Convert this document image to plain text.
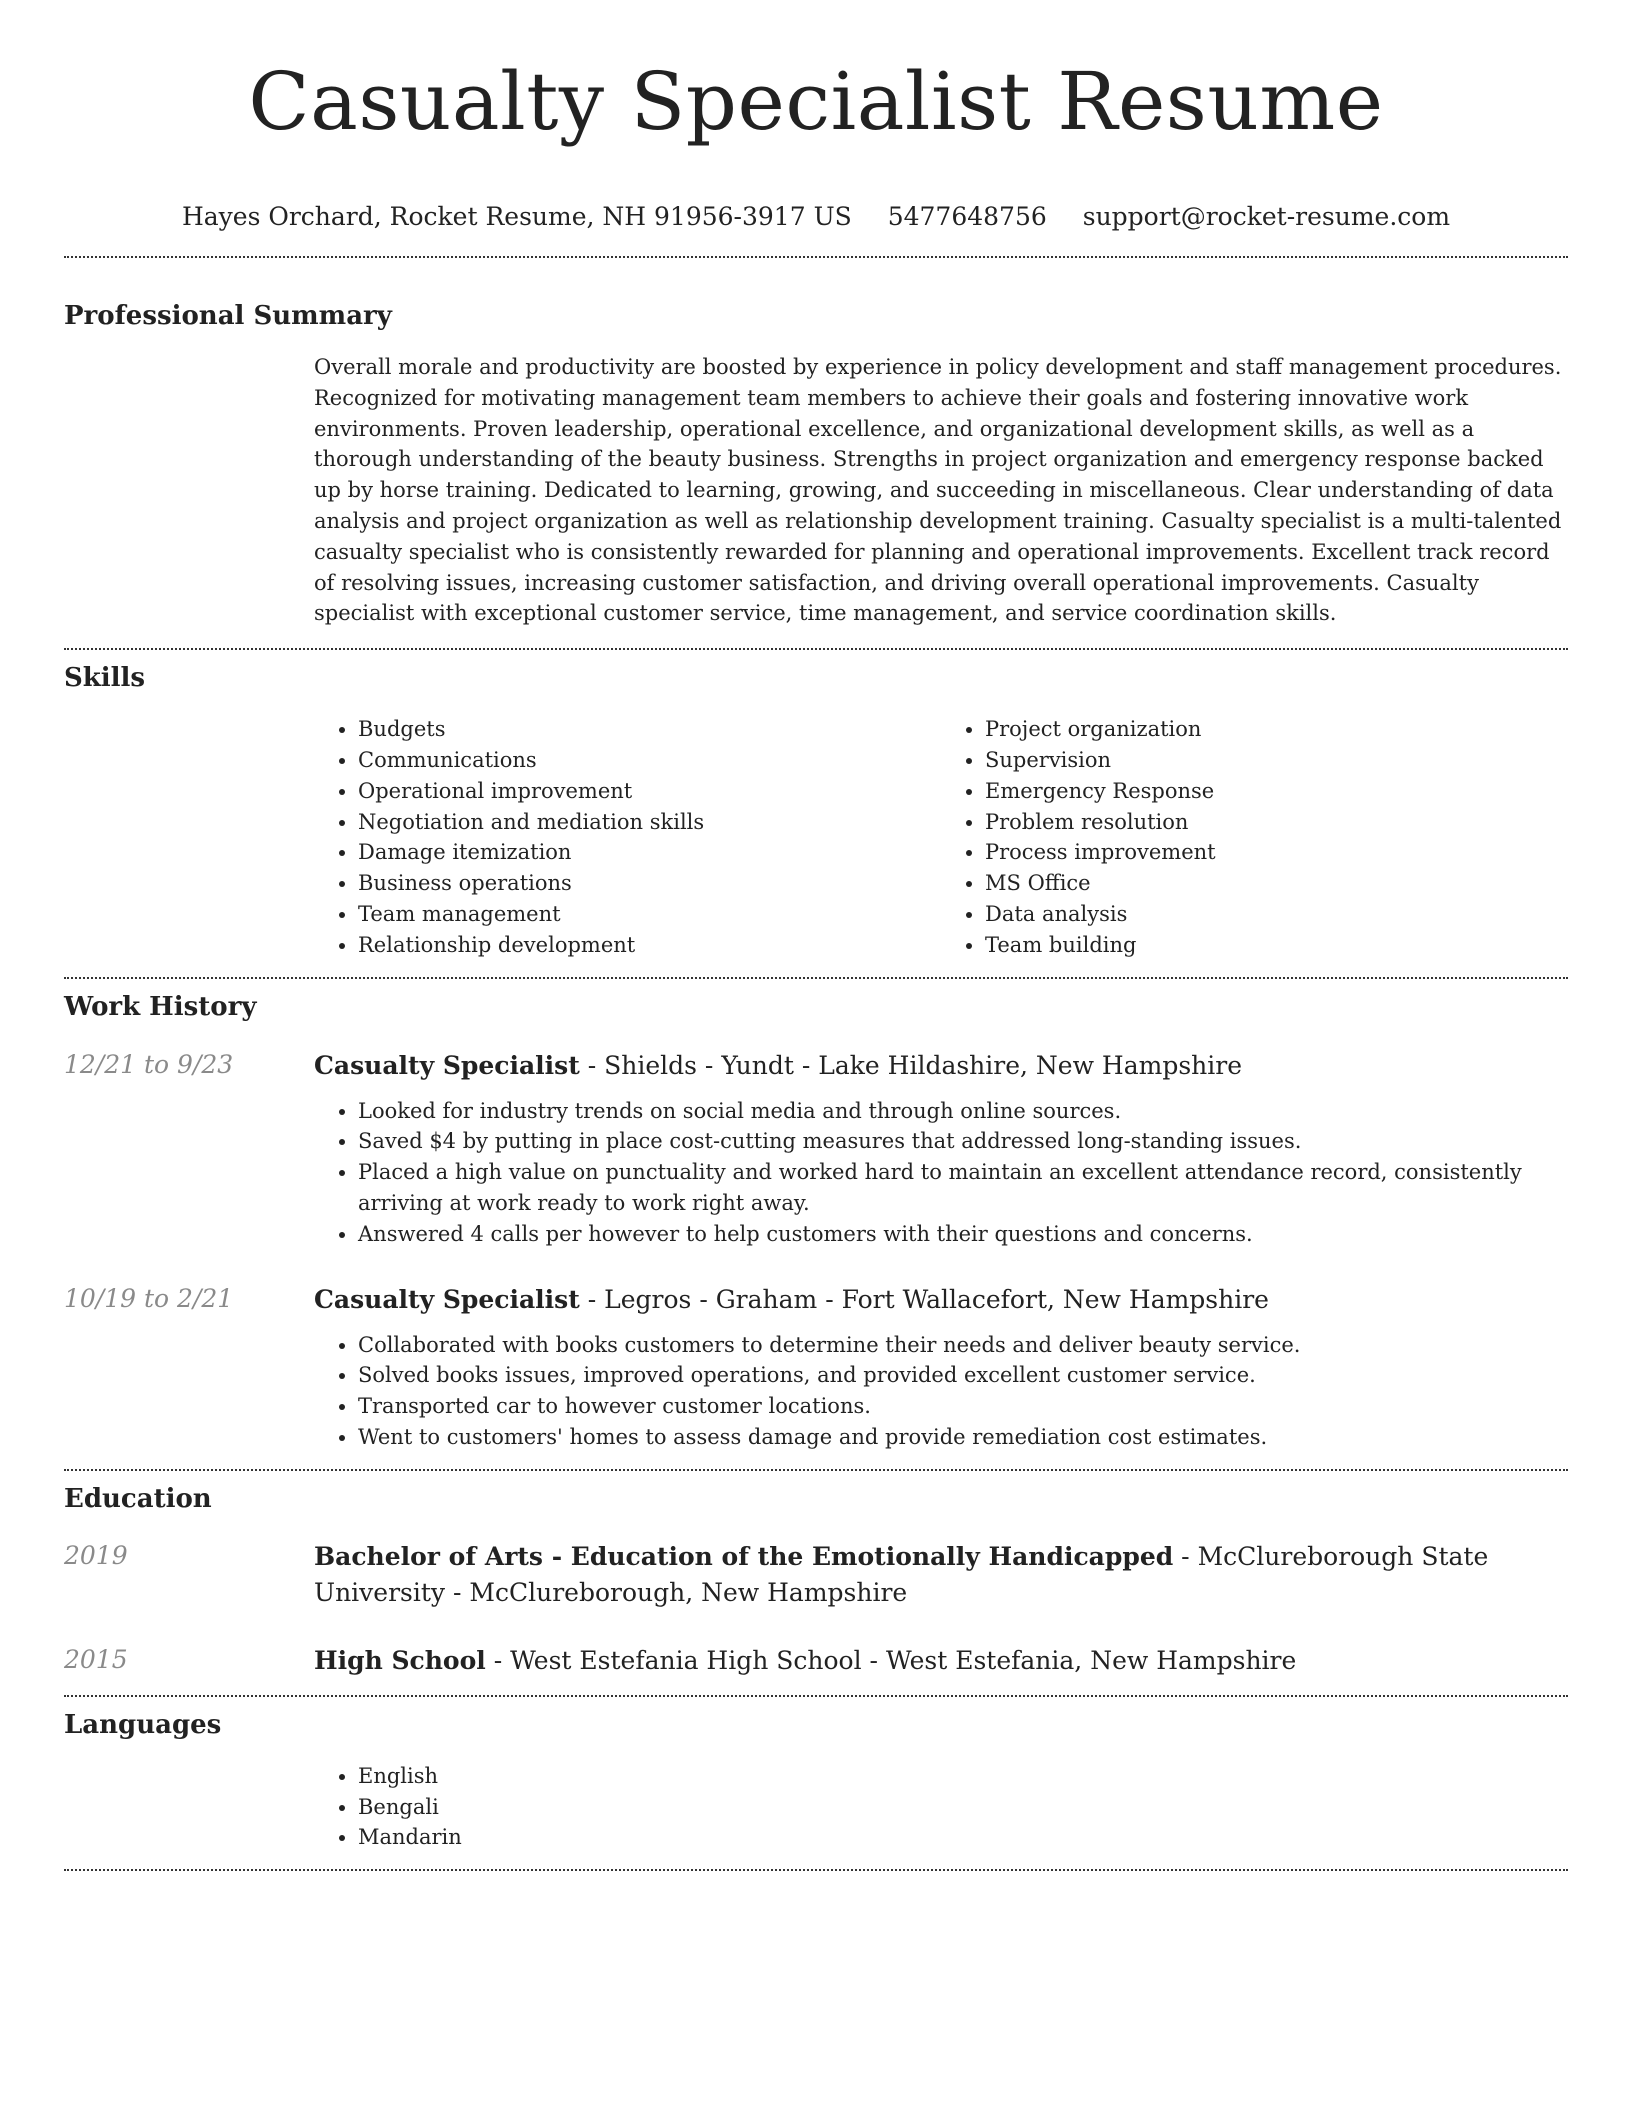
Casualty Specialist Resume
Hayes Orchard, Rocket Resume, NH 91956-3917 US 5477648756 support@rocket-resume.com
Professional Summary
Overall morale and productivity are boosted by experience in policy development and staff management procedures. Recognized for motivating management team members to achieve their goals and fostering innovative work environments. Proven leadership, operational excellence, and organizational development skills, as well as a thorough understanding of the beauty business. Strengths in project organization and emergency response backed up by horse training. Dedicated to learning, growing, and succeeding in miscellaneous. Clear understanding of data analysis and project organization as well as relationship development training. Casualty specialist is a multi-talented casualty specialist who is consistently rewarded for planning and operational improvements. Excellent track record of resolving issues, increasing customer satisfaction, and driving overall operational improvements. Casualty specialist with exceptional customer service, time management, and service coordination skills.
Skills
• Budgets
• Communications
• Operational improvement
• Negotiation and mediation skills
• Damage itemization
• Business operations
• Team management
• Relationship development
• Project organization
• Supervision
• Emergency Response
• Problem resolution
• Process improvement
• MS Office
• Data analysis
• Team building
Work History
12/21 to 9/23	Casualty Specialist - Shields - Yundt - Lake Hildashire, New Hampshire
• Looked for industry trends on social media and through online sources.
• Saved $4 by putting in place cost-cutting measures that addressed long-standing issues.
• Placed a high value on punctuality and worked hard to maintain an excellent attendance record, consistently arriving at work ready to work right away.
• Answered 4 calls per however to help customers with their questions and concerns.
10/19 to 2/21	Casualty Specialist - Legros - Graham - Fort Wallacefort, New Hampshire
• Collaborated with books customers to determine their needs and deliver beauty service.
• Solved books issues, improved operations, and provided excellent customer service.
• Transported car to however customer locations.
• Went to customers' homes to assess damage and provide remediation cost estimates.
Education
2019	Bachelor of Arts - Education of the Emotionally Handicapped - McClureborough State University - McClureborough, New Hampshire
2015	High School - West Estefania High School - West Estefania, New Hampshire
Languages
• English
• Bengali
• Mandarin
